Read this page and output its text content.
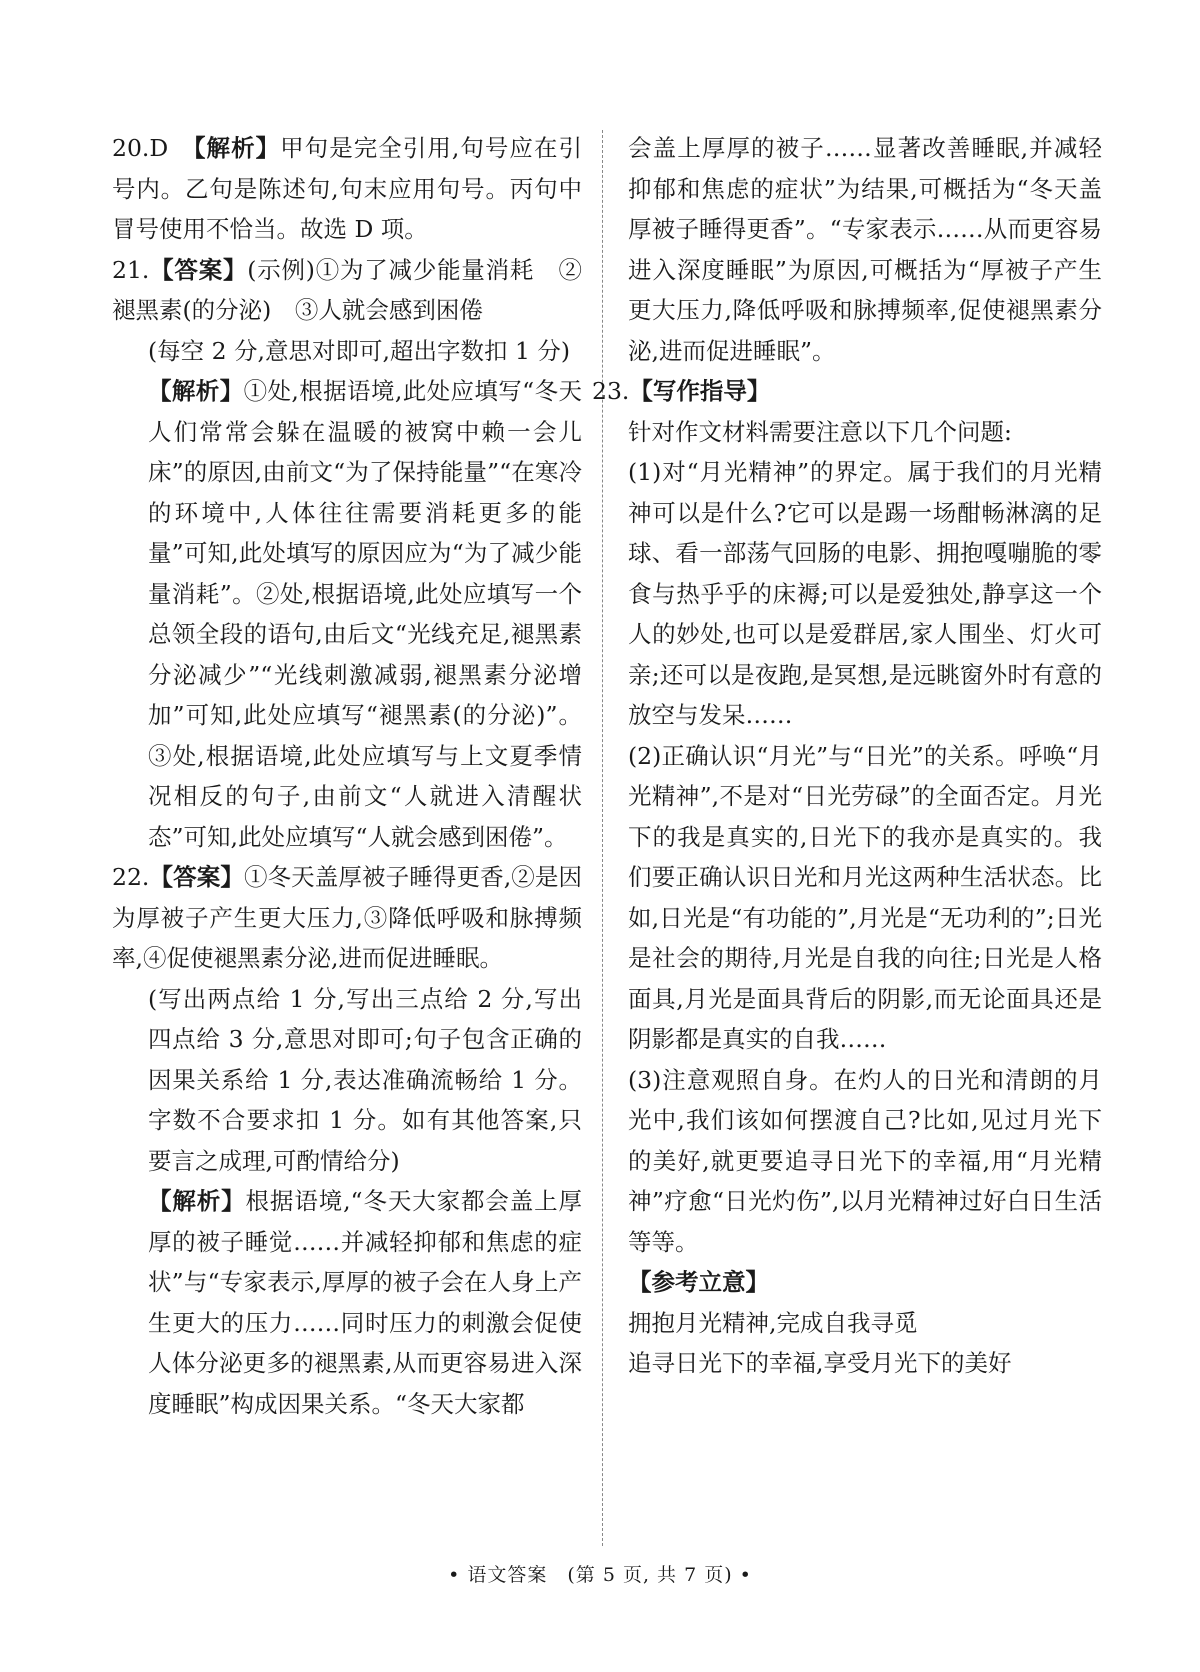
20.D　 【解析】甲句是完全引用,句号应在引号内。乙句是陈述句,句末应用句号。丙句中冒号使用不恰当。故选 D 项。

21.【答案】(示例)①为了减少能量消耗　②褪黑素(的分泌)　③人就会感到困倦

(每空 2 分,意思对即可,超出字数扣 1 分)

【解析】①处,根据语境,此处应填写“冬天人们常常会躲在温暖的被窝中赖一会儿床”的原因,由前文“为了保持能量”“在寒冷的环境中,人体往往需要消耗更多的能量”可知,此处填写的原因应为“为了减少能量消耗”。②处,根据语境,此处应填写一个总领全段的语句,由后文“光线充足,褪黑素分泌减少”“光线刺激减弱,褪黑素分泌增加”可知,此处应填写“褪黑素(的分泌)”。③处,根据语境,此处应填写与上文夏季情况相反的句子,由前文“人就进入清醒状态”可知,此处应填写“人就会感到困倦”。

22.【答案】①冬天盖厚被子睡得更香,②是因为厚被子产生更大压力,③降低呼吸和脉搏频率,④促使褪黑素分泌,进而促进睡眠。

(写出两点给 1 分,写出三点给 2 分,写出四点给 3 分,意思对即可;句子包含正确的因果关系给 1 分,表达准确流畅给 1 分。字数不合要求扣 1 分。如有其他答案,只要言之成理,可酌情给分)

【解析】根据语境,“冬天大家都会盖上厚厚的被子睡觉……并减轻抑郁和焦虑的症状”与“专家表示,厚厚的被子会在人身上产生更大的压力……同时压力的刺激会促使人体分泌更多的褪黑素,从而更容易进入深度睡眠”构成因果关系。“冬天大家都

会盖上厚厚的被子……显著改善睡眠,并减轻抑郁和焦虑的症状”为结果,可概括为“冬天盖厚被子睡得更香”。“专家表示……从而更容易进入深度睡眠”为原因,可概括为“厚被子产生更大压力,降低呼吸和脉搏频率,促使褪黑素分泌,进而促进睡眠”。

23.【写作指导】

针对作文材料需要注意以下几个问题:

(1)对“月光精神”的界定。属于我们的月光精神可以是什么?它可以是踢一场酣畅淋漓的足球、看一部荡气回肠的电影、拥抱嘎嘣脆的零食与热乎乎的床褥;可以是爱独处,静享这一个人的妙处,也可以是爱群居,家人围坐、灯火可亲;还可以是夜跑,是冥想,是远眺窗外时有意的放空与发呆……

(2)正确认识“月光”与“日光”的关系。呼唤“月光精神”,不是对“日光劳碌”的全面否定。月光下的我是真实的,日光下的我亦是真实的。我们要正确认识日光和月光这两种生活状态。比如,日光是“有功能的”,月光是“无功利的”;日光是社会的期待,月光是自我的向往;日光是人格面具,月光是面具背后的阴影,而无论面具还是阴影都是真实的自我……

(3)注意观照自身。在灼人的日光和清朗的月光中,我们该如何摆渡自己?比如,见过月光下的美好,就更要追寻日光下的幸福,用“月光精神”疗愈“日光灼伤”,以月光精神过好白日生活等等。

【参考立意】

拥抱月光精神,完成自我寻觅

追寻日光下的幸福,享受月光下的美好

• 语文答案　(第 5 页, 共 7 页) •
